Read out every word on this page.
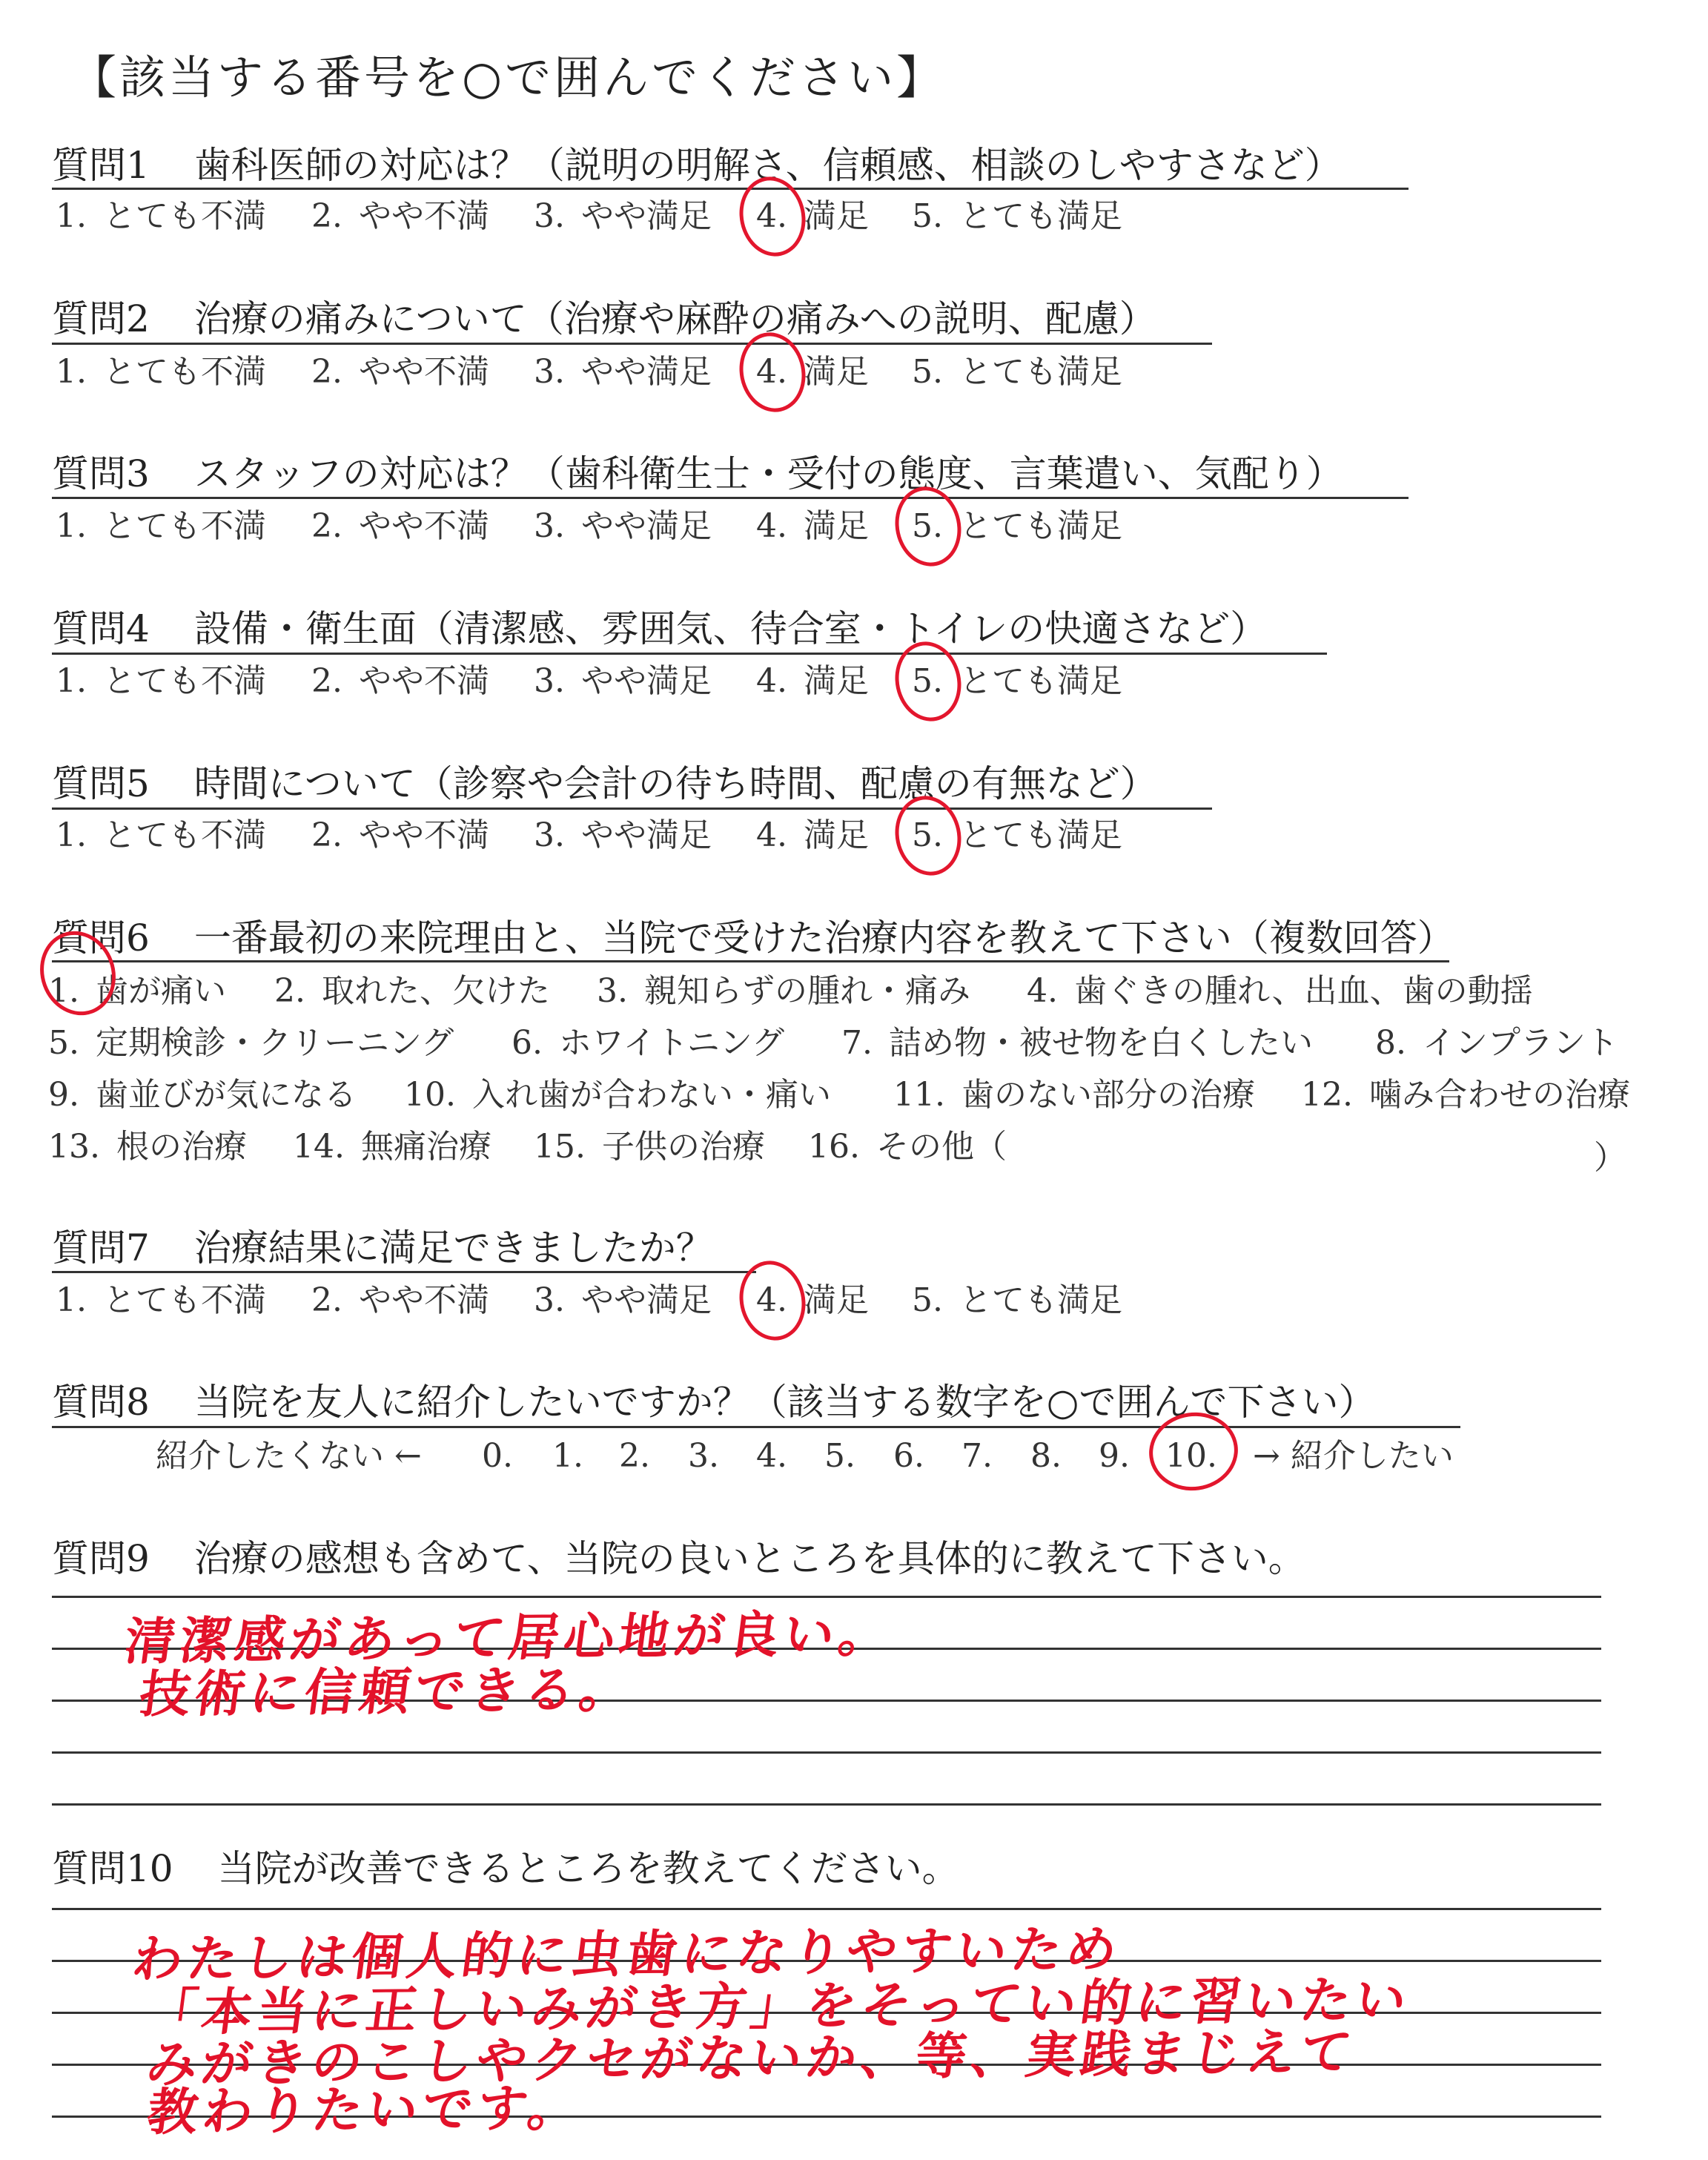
【該当する番号を○で囲んでください】
質問1 歯科医師の対応は？（説明の明解さ、信頼感、相談のしやすさなど）
質問2 治療の痛みについて（治療や麻酔の痛みへの説明、配慮）
質問3 スタッフの対応は？（歯科衛生士・受付の態度、言葉遣い、気配り）
質問4 設備・衛生面（清潔感、雰囲気、待合室・トイレの快適さなど）
質問5 時間について（診察や会計の待ち時間、配慮の有無など）
質問6 一番最初の来院理由と、当院で受けた治療内容を教えて下さい（複数回答）
質問7 治療結果に満足できましたか？
質問8 当院を友人に紹介したいですか？（該当する数字を○で囲んで下さい）
質問9 治療の感想も含めて、当院の良いところを具体的に教えて下さい。
質問10 当院が改善できるところを教えてください。
1. とても不満 2. やや不満 3. やや満足 4. 満足 5. とても満足
1. とても不満 2. やや不満 3. やや満足 4. 満足 5. とても満足
1. とても不満 2. やや不満 3. やや満足 4. 満足 5. とても満足
1. とても不満 2. やや不満 3. やや満足 4. 満足 5. とても満足
1. とても不満 2. やや不満 3. やや満足 4. 満足 5. とても満足
1. とても不満 2. やや不満 3. やや満足 4. 満足 5. とても満足
1. 歯が痛い 2. 取れた、欠けた 3. 親知らずの腫れ・痛み 4. 歯ぐきの腫れ、出血、歯の動揺
5. 定期検診・クリーニング 6. ホワイトニング 7. 詰め物・被せ物を白くしたい 8. インプラント
9. 歯並びが気になる 10. 入れ歯が合わない・痛い 11. 歯のない部分の治療 12. 噛み合わせの治療
13. 根の治療 14. 無痛治療 15. 子供の治療 16. その他（	）
紹介したくない ← 0. 1. 2. 3. 4. 5. 6. 7. 8. 9. 10. → 紹介したい
清潔感があって居心地が良い。
技術に信頼できる。
わたしは個人的に虫歯になりやすいため
「本当に正しいみがき方」をそってい的に習いたい
みがきのこしやクセがないか、等、実践まじえて
教わりたいです。
